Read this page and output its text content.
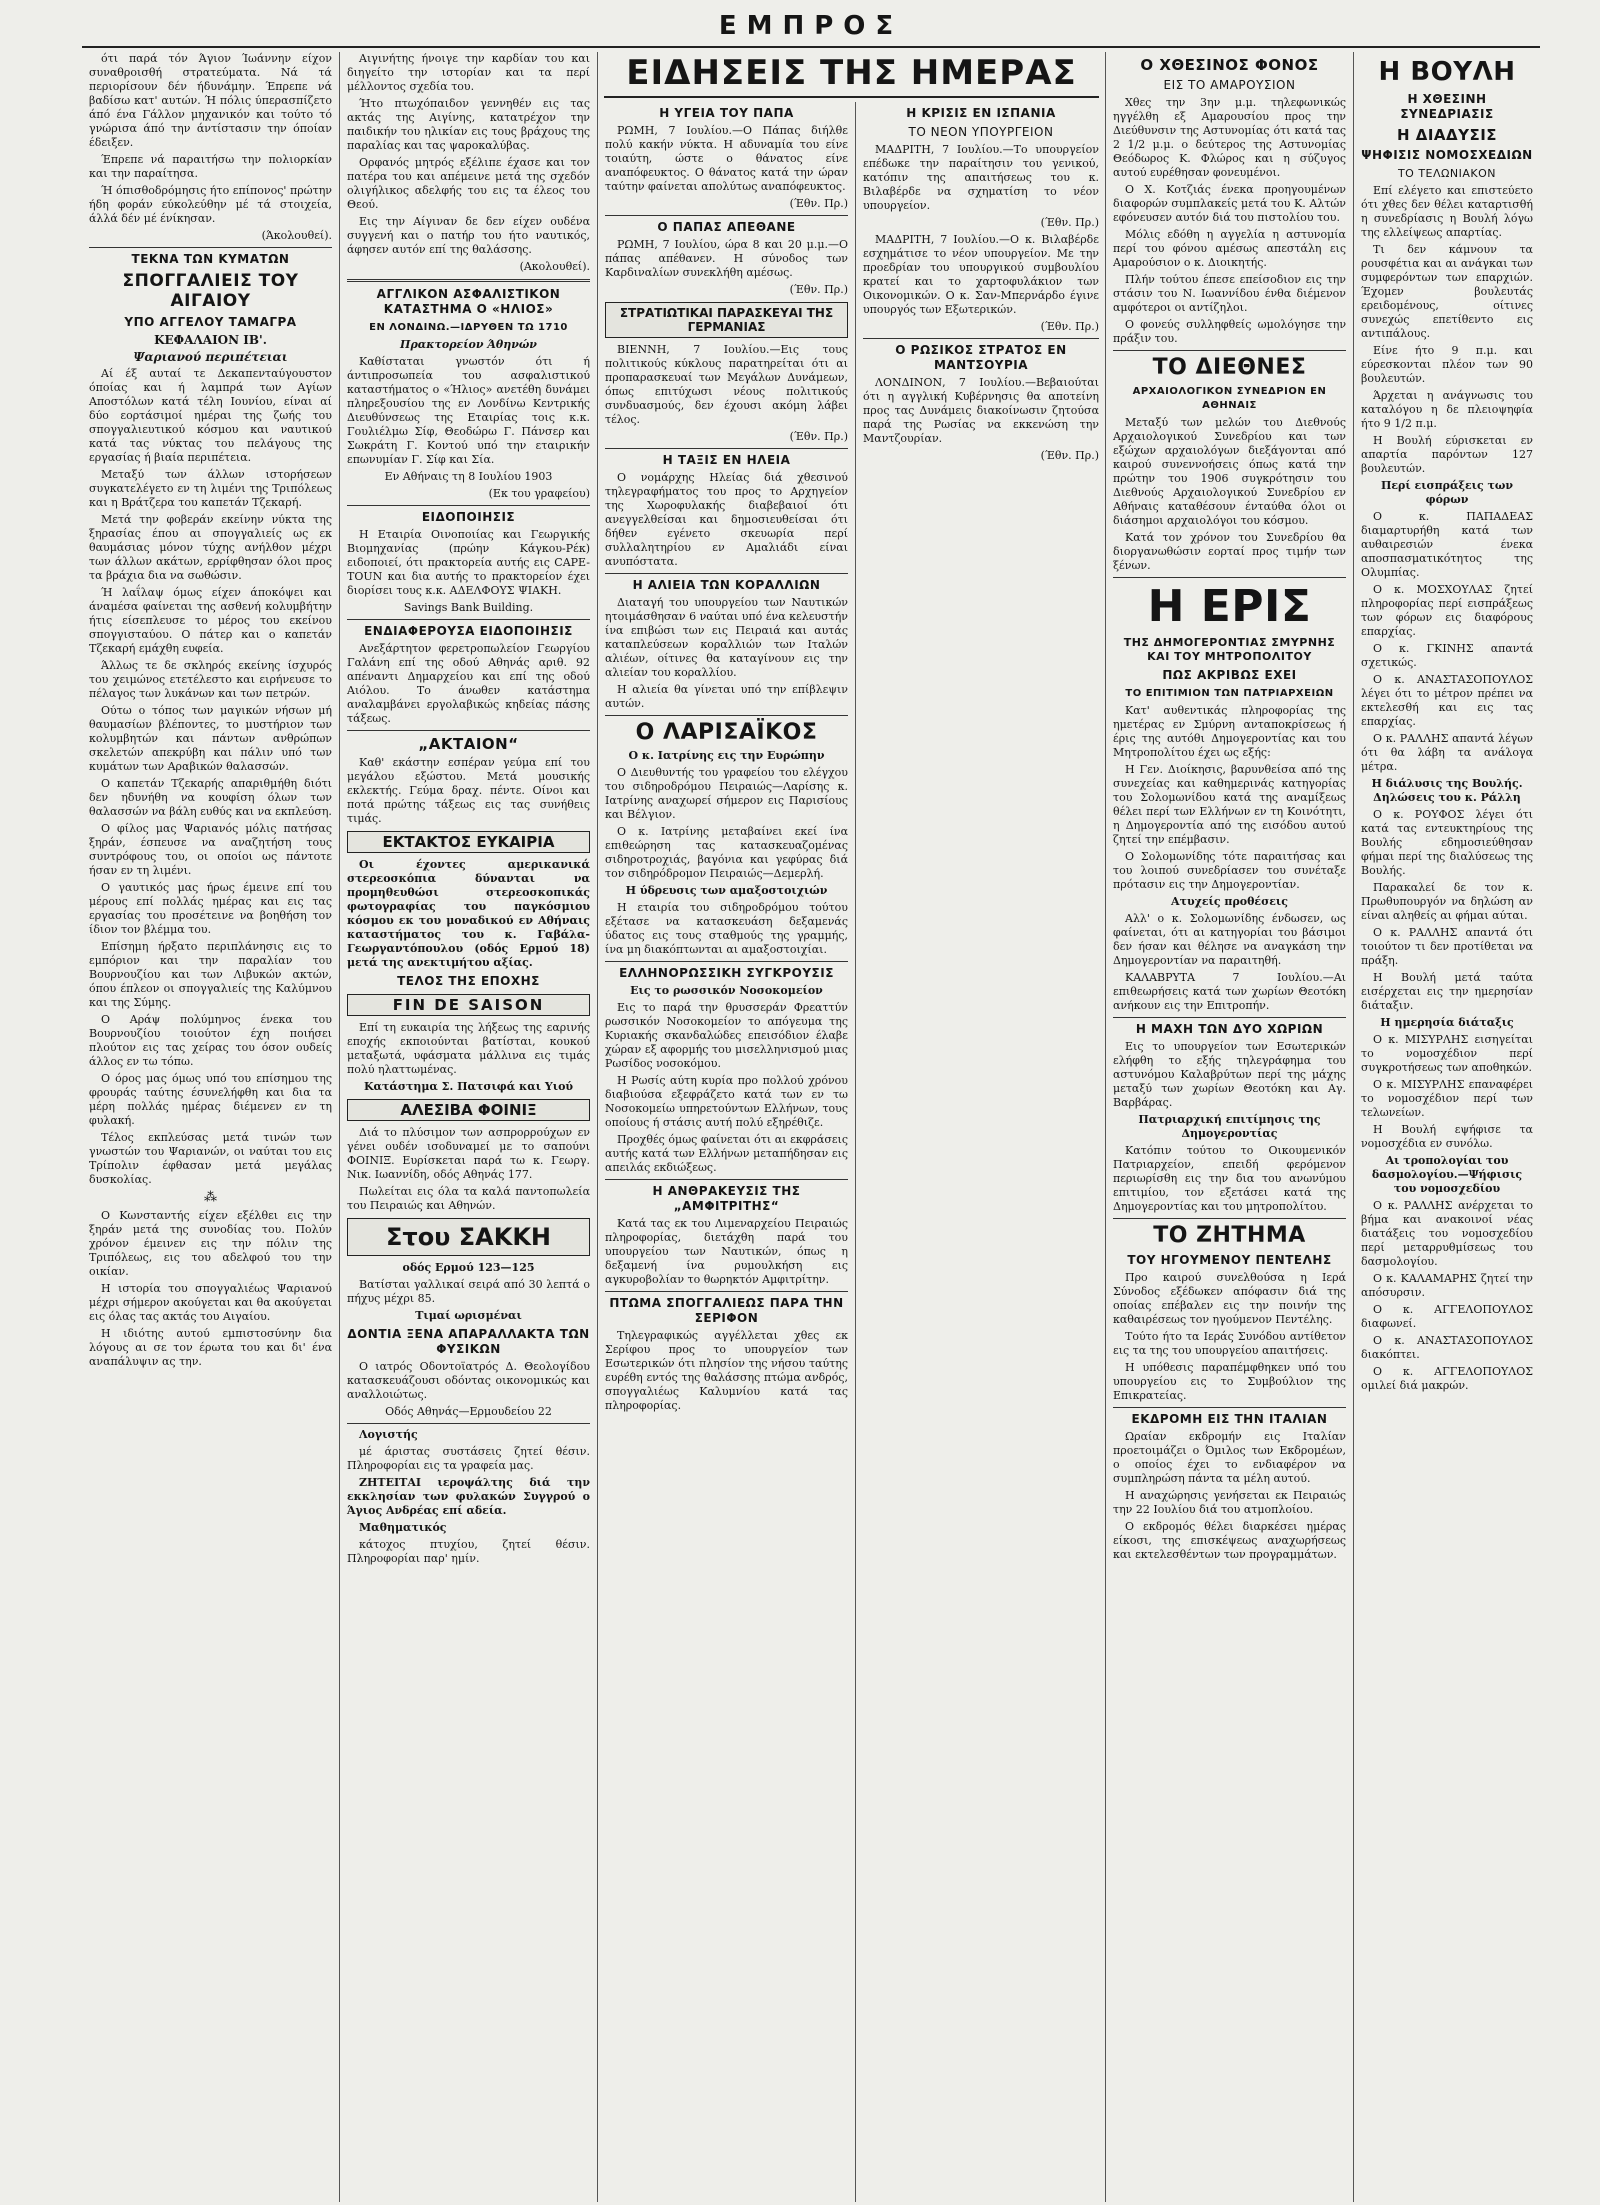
ΕΜΠΡΟΣ

ότι παρά τόν Άγιον Ίωάννην είχον συναθροισθή στρατεύματα. Νά τά περιορίσουν δέν ήδυνάμην. Έπρεπε νά βαδίσω κατ' αυτών. Ή πόλις ύπερασπίζετο άπό ένα Γάλλον μηχανικόν και τούτο τό γνώρισα άπό την άντίστασιν την όποίαν έδειξεν.

Έπρεπε νά παραιτήσω την πολιορκίαν και την παραίτησα.

Ή όπισθοδρόμησις ήτο επίπονος' πρώτην ήδη φοράν εύκολεύθην μέ τά στοιχεία, άλλά δέν μέ ένίκησαν.

(Άκολουθεί).

ΤΕΚΝΑ ΤΩΝ ΚΥΜΑΤΩΝ
ΣΠΟΓΓΑΛΙΕΙΣ ΤΟΥ ΑΙΓΑΙΟΥ
ΥΠΟ ΑΓΓΕΛΟΥ ΤΑΜΑΓΡΑ
ΚΕΦΑΛΑΙΟΝ ΙΒ'.
Ψαριανού περιπέτειαι

Αί έξ αυταί τε Δεκαπενταύγουστον όποίας και ή λαμπρά των Αγίων Αποστόλων κατά τέλη Ιουνίου, είναι αί δύο εορτάσιμοί ημέραι της ζωής του σπογγαλιευτικού κόσμου και ναυτικού κατά τας νύκτας του πελάγους της εργασίας ή βιαία περιπέτεια.

Μεταξύ των άλλων ιστορήσεων συγκατελέγετο εν τη λιμένι της Τριπόλεως και η Βράτζερα του καπετάν Τζεκαρή.

Μετά την φοβεράν εκείνην νύκτα της ξηρασίας έπου αι σπογγαλιείς ως εκ θαυμάσιας μόνον τύχης ανήλθον μέχρι των άλλων ακάτων, ερρίφθησαν όλοι προς τα βράχια δια να σωθώσιν.

Ή λαΐλαψ όμως είχεν άποκόψει και άναμέσα φαίνεται της ασθενή κολυμβήτην ήτις είσεπλευσε το μέρος του εκείνου σπογγισταύου. Ο πάτερ και ο καπετάν Τζεκαρή εμάχθη ευφεία.

Άλλως τε δε σκληρός εκείνης ίσχυρός του χειμώνος ετετέλεστο και ειρήνευσε το πέλαγος των λυκάνων και των πετρών.

Ούτω ο τόπος των μαγικών νήσων μή θαυμασίων βλέποντες, το μυστήριον των κολυμβητών και πάντων ανθρώπων σκελετών απεκρύβη και πάλιν υπό των κυμάτων των Αραβικών θαλασσών.

Ο καπετάν Τζεκαρής απαριθμήθη διότι δεν ηδυνήθη να κουφίση όλων των θαλασσών να βάλη ευθύς και να εκπλεύση.

Ο φίλος μας Ψαριανός μόλις πατήσας ξηράν, έσπευσε να αναζητήση τους συντρόφους του, οι οποίοι ως πάντοτε ήσαν εν τη λιμένι.

Ο γαυτικός μας ήρως έμεινε επί του μέρους επί πολλάς ημέρας και εις τας εργασίας του προσέτεινε να βοηθήση τον ίδιον τον βλέμμα του.

Επίσημη ήρξατο περιπλάνησις εις το εμπόριον και την παραλίαν του Βουρνουζίου και των Λιβυκών ακτών, όπου έπλεον οι σπογγαλιείς της Καλύμνου και της Σύμης.

Ο Αράψ πολύμηνος ένεκα του Βουρνουζίου τοιούτον έχη ποιήσει πλούτον εις τας χείρας του όσον ουδείς άλλος εν τω τόπω.

Ο όρος μας όμως υπό του επίσημου της φρουράς ταύτης έσυνελήφθη και δια τα μέρη πολλάς ημέρας διέμενεν εν τη φυλακή.

Τέλος εκπλεύσας μετά τινών των γνωστών του Ψαριανών, οι ναύται του εις Τρίπολιν έφθασαν μετά μεγάλας δυσκολίας.

⁂

Ο Κωνσταντής είχεν εξέλθει εις την ξηράν μετά της συνοδίας του. Πολύν χρόνον έμεινεν εις την πόλιν της Τριπόλεως, εις του αδελφού του την οικίαν.

Η ιστορία του σπογγαλιέως Ψαριανού μέχρι σήμερον ακούγεται και θα ακούγεται εις όλας τας ακτάς του Αιγαίου.

Η ιδιότης αυτού εμπιστοσύνην δια λόγους αι σε τον έρωτα του και δι' ένα αναπάλυψιν ας την.

Αιγινήτης ήνοιγε την καρδίαν του και διηγείτο την ιστορίαν και τα περί μέλλοντος σχεδία του.

Ήτο πτωχόπαιδον γεννηθέν εις τας ακτάς της Αιγίνης, κατατρέχον την παιδικήν του ηλικίαν εις τους βράχους της παραλίας και τας ψαροκαλύβας.

Ορφανός μητρός εξέλιπε έχασε και τον πατέρα του και απέμεινε μετά της σχεδόν ολιγήλικος αδελφής του εις τα έλεος του Θεού.

Εις την Αίγιναν δε δεν είχεν ουδένα συγγενή και ο πατήρ του ήτο ναυτικός, άφησεν αυτόν επί της θαλάσσης.

(Ακολουθεί).

ΑΓΓΛΙΚΟΝ ΑΣΦΑΛΙΣΤΙΚΟΝ ΚΑΤΑΣΤΗΜΑ Ο «ΗΛΙΟΣ»
ΕΝ ΛΟΝΔΙΝΩ.—ΙΔΡΥΘΕΝ ΤΩ 1710
Πρακτορείον Άθηνών

Καθίσταται γνωστόν ότι ή άντιπροσωπεία του ασφαλιστικού καταστήματος ο «Ήλιος» ανετέθη δυνάμει πληρεξουσίου της εν Λονδίνω Κεντρικής Διευθύνσεως της Εταιρίας τοις κ.κ. Γουλιέλμω Σίφ, Θεοδώρω Γ. Πάνσερ και Σωκράτη Γ. Κοντού υπό την εταιρικήν επωνυμίαν Γ. Σίφ και Σία.

Εν Αθήναις τη 8 Ιουλίου 1903

(Εκ του γραφείου)

ΕΙΔΟΠΟΙΗΣΙΣ

Η Εταιρία Οινοποιίας και Γεωργικής Βιομηχανίας (πρώην Κάγκου-Ρέκ) ειδοποιεί, ότι πρακτορεία αυτής εις CAPE-TOUN και δια αυτής το πρακτορείον έχει διορίσει τους κ.κ. ΑΔΕΛΦΟΥΣ ΨΙΑΚΗ.

Savings Bank Building.

ΕΝΔΙΑΦΕΡΟΥΣΑ ΕΙΔΟΠΟΙΗΣΙΣ

Ανεξάρτητον φερετροπωλείον Γεωργίου Γαλάνη επί της οδού Αθηνάς αριθ. 92 απέναντι Δημαρχείου και επί της οδού Αιόλου. Το άνωθεν κατάστημα αναλαμβάνει εργολαβικώς κηδείας πάσης τάξεως.

„ΑΚΤΑΙΟΝ“

Καθ' εκάστην εσπέραν γεύμα επί του μεγάλου εξώστου. Μετά μουσικής εκλεκτής. Γεύμα δραχ. πέντε. Οίνοι και ποτά πρώτης τάξεως εις τας συνήθεις τιμάς.

ΕΚΤΑΚΤΟΣ ΕΥΚΑΙΡΙΑ

Οι έχοντες αμερικανικά στερεοσκόπια δύνανται να προμηθευθώσι στερεοσκοπικάς φωτογραφίας του παγκόσμιου κόσμου εκ του μοναδικού εν Αθήναις καταστήματος του κ. Γαβάλα-Γεωργαντόπουλου (οδός Ερμού 18) μετά της ανεκτιμήτου αξίας.

ΤΕΛΟΣ ΤΗΣ ΕΠΟΧΗΣ
FIN DE SAISON

Επί τη ευκαιρία της λήξεως της εαρινής εποχής εκποιούνται βατίσται, κουκού μεταξωτά, υφάσματα μάλλινα εις τιμάς πολύ ηλαττωμένας.

Κατάστημα Σ. Πατσιφά και Υιού

ΑΛΕΣΙΒΑ ΦΟΙΝΙΞ

Διά το πλύσιμον των ασπρορρούχων εν γένει ουδέν ισοδυναμεί με το σαπούνι ΦΟΙΝΙΞ. Ευρίσκεται παρά τω κ. Γεωργ. Νικ. Ιωαννίδη, οδός Αθηνάς 177.

Πωλείται εις όλα τα καλά παντοπωλεία του Πειραιώς και Αθηνών.

Στου ΣΑΚΚΗ

οδός Ερμού 123—125

Βατίσται γαλλικαί σειρά από 30 λεπτά ο πήχυς μέχρι 85.

Τιμαί ωρισμέναι

ΔΟΝΤΙΑ ΞΕΝΑ ΑΠΑΡΑΛΛΑΚΤΑ ΤΩΝ ΦΥΣΙΚΩΝ

Ο ιατρός Οδοντοϊατρός Δ. Θεολογίδου κατασκευάζουσι οδόντας οικονομικώς και αναλλοιώτως.

Οδός Αθηνάς—Ερμουδείου 22

Λογιστής

μέ άριστας συστάσεις ζητεί θέσιν. Πληροφορίαι εις τα γραφεία μας.

ΖΗΤΕΙΤΑΙ ιεροψάλτης διά την εκκλησίαν των φυλακών Συγγρού ο Άγιος Ανδρέας επί αδεία.

Μαθηματικός

κάτοχος πτυχίου, ζητεί θέσιν. Πληροφορίαι παρ' ημίν.

ΕΙΔΗΣΕΙΣ ΤΗΣ ΗΜΕΡΑΣ
Η ΥΓΕΙΑ ΤΟΥ ΠΑΠΑ

ΡΩΜΗ, 7 Ιουλίου.—Ο Πάπας διήλθε πολύ κακήν νύκτα. Η αδυναμία του είνε τοιαύτη, ώστε ο θάνατος είνε αναπόφευκτος. Ο θάνατος κατά την ώραν ταύτην φαίνεται απολύτως αναπόφευκτος.

(Έθν. Πρ.)

Ο ΠΑΠΑΣ ΑΠΕΘΑΝΕ

ΡΩΜΗ, 7 Ιουλίου, ώρα 8 και 20 μ.μ.—Ο πάπας απέθανεν. Η σύνοδος των Καρδιναλίων συνεκλήθη αμέσως.

(Έθν. Πρ.)

ΣΤΡΑΤΙΩΤΙΚΑΙ ΠΑΡΑΣΚΕΥΑΙ ΤΗΣ ΓΕΡΜΑΝΙΑΣ

ΒΙΕΝΝΗ, 7 Ιουλίου.—Εις τους πολιτικούς κύκλους παρατηρείται ότι αι προπαρασκευαί των Μεγάλων Δυνάμεων, όπως επιτύχωσι νέους πολιτικούς συνδυασμούς, δεν έχουσι ακόμη λάβει τέλος.

(Έθν. Πρ.)

Η ΤΑΞΙΣ ΕΝ ΗΛΕΙΑ

Ο νομάρχης Ηλείας διά χθεσινού τηλεγραφήματος του προς το Αρχηγείον της Χωροφυλακής διαβεβαιοί ότι ανεγγελθείσαι και δημοσιευθείσαι ότι δήθεν εγένετο σκευωρία περί συλλαλητηρίου εν Αμαλιάδι είναι ανυπόστατα.

Η ΑΛΙΕΙΑ ΤΩΝ ΚΟΡΑΛΛΙΩΝ

Διαταγή του υπουργείου των Ναυτικών ητοιμάσθησαν 6 ναύται υπό ένα κελευστήν ίνα επιβώσι των εις Πειραιά και αυτάς καταπλεύσεων κοραλλιών των Ιταλών αλιέων, οίτινες θα καταγίνουν εις την αλιείαν του κοραλλίου.

Η αλιεία θα γίνεται υπό την επίβλεψιν αυτών.

Ο ΛΑΡΙΣΑΪΚΟΣ

Ο κ. Ιατρίνης εις την Ευρώπην

Ο Διευθυντής του γραφείου του ελέγχου του σιδηροδρόμου Πειραιώς—Λαρίσης κ. Ιατρίνης αναχωρεί σήμερον εις Παρισίους και Βέλγιον.

Ο κ. Ιατρίνης μεταβαίνει εκεί ίνα επιθεώρηση τας κατασκευαζομένας σιδηροτροχιάς, βαγόνια και γεφύρας διά τον σιδηρόδρομον Πειραιώς—Δεμερλή.

Η ύδρευσις των αμαξοστοιχιών

Η εταιρία του σιδηροδρόμου τούτου εξέτασε να κατασκευάση δεξαμενάς ύδατος εις τους σταθμούς της γραμμής, ίνα μη διακόπτωνται αι αμαξοστοιχίαι.

ΕΛΛΗΝΟΡΩΣΣΙΚΗ ΣΥΓΚΡΟΥΣΙΣ

Εις το ρωσσικόν Νοσοκομείον

Εις το παρά την θρυσσεράν Φρεαττύν ρωσσικόν Νοσοκομείον το απόγευμα της Κυριακής σκανδαλώδες επεισόδιον έλαβε χώραν εξ αφορμής του μισελληνισμού μιας Ρωσίδος νοσοκόμου.

Η Ρωσίς αύτη κυρία προ πολλού χρόνου διαβιούσα εξεφράζετο κατά των εν τω Νοσοκομείω υπηρετούντων Ελλήνων, τους οποίους ή στάσις αυτή πολύ εξηρέθιζε.

Προχθές όμως φαίνεται ότι αι εκφράσεις αυτής κατά των Ελλήνων μεταπήδησαν εις απειλάς εκδιώξεως.

Η ΑΝΘΡΑΚΕΥΣΙΣ ΤΗΣ „ΑΜΦΙΤΡΙΤΗΣ“

Κατά τας εκ του Λιμεναρχείου Πειραιώς πληροφορίας, διετάχθη παρά του υπουργείου των Ναυτικών, όπως η δεξαμενή ίνα ρυμουλκήση εις αγκυροβολίαν το θωρηκτόν Αμφιτρίτην.

ΠΤΩΜΑ ΣΠΟΓΓΑΛΙΕΩΣ ΠΑΡΑ ΤΗΝ ΣΕΡΙΦΟΝ

Τηλεγραφικώς αγγέλλεται χθες εκ Σερίφου προς το υπουργείον των Εσωτερικών ότι πλησίον της νήσου ταύτης ευρέθη εντός της θαλάσσης πτώμα ανδρός, σπογγαλιέως Καλυμνίου κατά τας πληροφορίας.

Η ΚΡΙΣΙΣ ΕΝ ΙΣΠΑΝΙΑ
ΤΟ ΝΕΟΝ ΥΠΟΥΡΓΕΙΟΝ

ΜΑΔΡΙΤΗ, 7 Ιουλίου.—Το υπουργείον επέδωκε την παραίτησιν του γενικού, κατόπιν της απαιτήσεως του κ. Βιλαβέρδε να σχηματίση το νέον υπουργείον.

(Έθν. Πρ.)

ΜΑΔΡΙΤΗ, 7 Ιουλίου.—Ο κ. Βιλαβέρδε εσχημάτισε το νέον υπουργείον. Με την προεδρίαν του υπουργικού συμβουλίου κρατεί και το χαρτοφυλάκιον των Οικονομικών. Ο κ. Σαν-Μπερνάρδο έγινε υπουργός των Εξωτερικών.

(Έθν. Πρ.)

Ο ΡΩΣΙΚΟΣ ΣΤΡΑΤΟΣ ΕΝ ΜΑΝΤΣΟΥΡΙΑ

ΛΟΝΔΙΝΟΝ, 7 Ιουλίου.—Βεβαιούται ότι η αγγλική Κυβέρνησις θα αποτείνη προς τας Δυνάμεις διακοίνωσιν ζητούσα παρά της Ρωσίας να εκκενώση την Μαντζουρίαν.

(Έθν. Πρ.)

Ο ΧΘΕΣΙΝΟΣ ΦΟΝΟΣ
ΕΙΣ ΤΟ ΑΜΑΡΟΥΣΙΟΝ

Χθες την 3ην μ.μ. τηλεφωνικώς ηγγέλθη εξ Αμαρουσίου προς την Διεύθυνσιν της Αστυνομίας ότι κατά τας 2 1/2 μ.μ. ο δεύτερος της Αστυνομίας Θεόδωρος Κ. Φλώρος και η σύζυγος αυτού ευρέθησαν φονευμένοι.

Ο Χ. Κοτζιάς ένεκα προηγουμένων διαφορών συμπλακείς μετά του Κ. Αλτών εφόνευσεν αυτόν διά του πιστολίου του.

Μόλις εδόθη η αγγελία η αστυνομία περί του φόνου αμέσως απεστάλη εις Αμαρούσιον ο κ. Διοικητής.

Πλήν τούτου έπεσε επείσοδιον εις την στάσιν του Ν. Ιωαννίδου ένθα διέμενον αμφότεροι οι αντίζηλοι.

Ο φονεύς συλληφθείς ωμολόγησε την πράξιν του.

ΤΟ ΔΙΕΘΝΕΣ
ΑΡΧΑΙΟΛΟΓΙΚΟΝ ΣΥΝΕΔΡΙΟΝ ΕΝ ΑΘΗΝΑΙΣ

Μεταξύ των μελών του Διεθνούς Αρχαιολογικού Συνεδρίου και των εξώχων αρχαιολόγων διεξάγονται από καιρού συνεννοήσεις όπως κατά την πρώτην του 1906 συγκρότησιν του Διεθνούς Αρχαιολογικού Συνεδρίου εν Αθήναις καταθέσουν ένταύθα όλοι οι διάσημοι αρχαιολόγοι του κόσμου.

Κατά τον χρόνον του Συνεδρίου θα διοργανωθώσιν εορταί προς τιμήν των ξένων.

Η ΕΡΙΣ
ΤΗΣ ΔΗΜΟΓΕΡΟΝΤΙΑΣ ΣΜΥΡΝΗΣ ΚΑΙ ΤΟΥ ΜΗΤΡΟΠΟΛΙΤΟΥ
ΠΩΣ ΑΚΡΙΒΩΣ ΕΧΕΙ
ΤΟ ΕΠΙΤΙΜΙΟΝ ΤΩΝ ΠΑΤΡΙΑΡΧΕΙΩΝ

Κατ' αυθεντικάς πληροφορίας της ημετέρας εν Σμύρνη ανταποκρίσεως ή έρις της αυτόθι Δημογεροντίας και του Μητροπολίτου έχει ως εξής:

Η Γεν. Διοίκησις, βαρυνθείσα από της συνεχείας και καθημερινάς κατηγορίας του Σολομωνίδου κατά της αναμίξεως θέλει περί των Ελλήνων εν τη Κοινότητι, η Δημογεροντία από της εισόδου αυτού ζητεί την επέμβασιν.

Ο Σολομωνίδης τότε παραιτήσας και του λοιπού συνεδρίασεν του συνέταξε πρότασιν εις την Δημογεροντίαν.

Ατυχείς προθέσεις

Αλλ' ο κ. Σολομωνίδης ένδωσεν, ως φαίνεται, ότι αι κατηγορίαι του βάσιμοι δεν ήσαν και θέλησε να αναγκάση την Δημογεροντίαν να παραιτηθή.

ΚΑΛΑΒΡΥΤΑ 7 Ιουλίου.—Αι επιθεωρήσεις κατά των χωρίων Θεοτόκη ανήκουν εις την Επιτροπήν.

Η ΜΑΧΗ ΤΩΝ ΔΥΟ ΧΩΡΙΩΝ

Εις το υπουργείον των Εσωτερικών ελήφθη το εξής τηλεγράφημα του αστυνόμου Καλαβρύτων περί της μάχης μεταξύ των χωρίων Θεοτόκη και Αγ. Βαρβάρας.

Πατριαρχική επιτίμησις της Δημογεροντίας

Κατόπιν τούτου το Οικουμενικόν Πατριαρχείον, επειδή φερόμενον περιωρίσθη εις την δια του ανωνύμου επιτιμίου, τον εξετάσει κατά της Δημογεροντίας και του μητροπολίτου.

ΤΟ ΖΗΤΗΜΑ
ΤΟΥ ΗΓΟΥΜΕΝΟΥ ΠΕΝΤΕΛΗΣ

Προ καιρού συνελθούσα η Ιερά Σύνοδος εξέδωκεν απόφασιν διά της οποίας επέβαλεν εις την ποινήν της καθαιρέσεως τον ηγούμενον Πεντέλης.

Τούτο ήτο τα Ιεράς Συνόδου αντίθετον εις τα της του υπουργείου απαιτήσεις.

Η υπόθεσις παραπέμφθηκεν υπό του υπουργείου εις το Συμβούλιον της Επικρατείας.

ΕΚΔΡΟΜΗ ΕΙΣ ΤΗΝ ΙΤΑΛΙΑΝ

Ωραίαν εκδρομήν εις Ιταλίαν προετοιμάζει ο Όμιλος των Εκδρομέων, ο οποίος έχει το ενδιαφέρον να συμπληρώση πάντα τα μέλη αυτού.

Η αναχώρησις γενήσεται εκ Πειραιώς την 22 Ιουλίου διά του ατμοπλοίου.

Ο εκδρομός θέλει διαρκέσει ημέρας είκοσι, της επισκέψεως αναχωρήσεως και εκτελεσθέντων των προγραμμάτων.

Η ΒΟΥΛΗ
Η ΧΘΕΣΙΝΗ ΣΥΝΕΔΡΙΑΣΙΣ
Η ΔΙΑΔΥΣΙΣ
ΨΗΦΙΣΙΣ ΝΟΜΟΣΧΕΔΙΩΝ
ΤΟ ΤΕΛΩΝΙΑΚΟΝ

Επί ελέγετο και επιστεύετο ότι χθες δεν θέλει καταρτισθή η συνεδρίασις η Βουλή λόγω της ελλείψεως απαρτίας.

Τι δεν κάμνουν τα ρουσφέτια και αι ανάγκαι των συμφερόντων των επαρχιών. Έχομεν βουλευτάς ερειδομένους, οίτινες συνεχώς επετίθεντο εις αντιπάλους.

Είνε ήτο 9 π.μ. και εύρεσκονται πλέον των 90 βουλευτών.

Άρχεται η ανάγνωσις του καταλόγου η δε πλειοψηφία ήτο 9 1/2 π.μ.

Η Βουλή εύρισκεται εν απαρτία παρόντων 127 βουλευτών.

Περί εισπράξεις των φόρων

Ο κ. ΠΑΠΑΔΕΑΣ διαμαρτυρήθη κατά των αυθαιρεσιών ένεκα αποσπασματικότητος της Ολυμπίας.

Ο κ. ΜΟΣΧΟΥΛΑΣ ζητεί πληροφορίας περί εισπράξεως των φόρων εις διαφόρους επαρχίας.

Ο κ. ΓΚΙΝΗΣ απαντά σχετικώς.

Ο κ. ΑΝΑΣΤΑΣΟΠΟΥΛΟΣ λέγει ότι το μέτρον πρέπει να εκτελεσθή και εις τας επαρχίας.

Ο κ. ΡΑΛΛΗΣ απαντά λέγων ότι θα λάβη τα ανάλογα μέτρα.

Η διάλυσις της Βουλής. Δηλώσεις του κ. Ράλλη

Ο κ. ΡΟΥΦΟΣ λέγει ότι κατά τας εντευκτηρίους της Βουλής εδημοσιεύθησαν φήμαι περί της διαλύσεως της Βουλής.

Παρακαλεί δε τον κ. Πρωθυπουργόν να δηλώση αν είναι αληθείς αι φήμαι αύται.

Ο κ. ΡΑΛΛΗΣ απαντά ότι τοιούτον τι δεν προτίθεται να πράξη.

Η Βουλή μετά ταύτα εισέρχεται εις την ημερησίαν διάταξιν.

Η ημερησία διάταξις

Ο κ. ΜΙΣΥΡΛΗΣ εισηγείται το νομοσχέδιον περί συγκροτήσεως των αποθηκών.

Ο κ. ΜΙΣΥΡΛΗΣ επαναφέρει το νομοσχέδιον περί των τελωνείων.

Η Βουλή εψήφισε τα νομοσχέδια εν συνόλω.

Αι τροπολογίαι του δασμολογίου.—Ψήφισις του νομοσχεδίου

Ο κ. ΡΑΛΛΗΣ ανέρχεται το βήμα και ανακοινοί νέας διατάξεις του νομοσχεδίου περί μεταρρυθμίσεως του δασμολογίου.

Ο κ. ΚΑΛΑΜΑΡΗΣ ζητεί την απόσυρσιν.

Ο κ. ΑΓΓΕΛΟΠΟΥΛΟΣ διαφωνεί.

Ο κ. ΑΝΑΣΤΑΣΟΠΟΥΛΟΣ διακόπτει.

Ο κ. ΑΓΓΕΛΟΠΟΥΛΟΣ ομιλεί διά μακρών.
